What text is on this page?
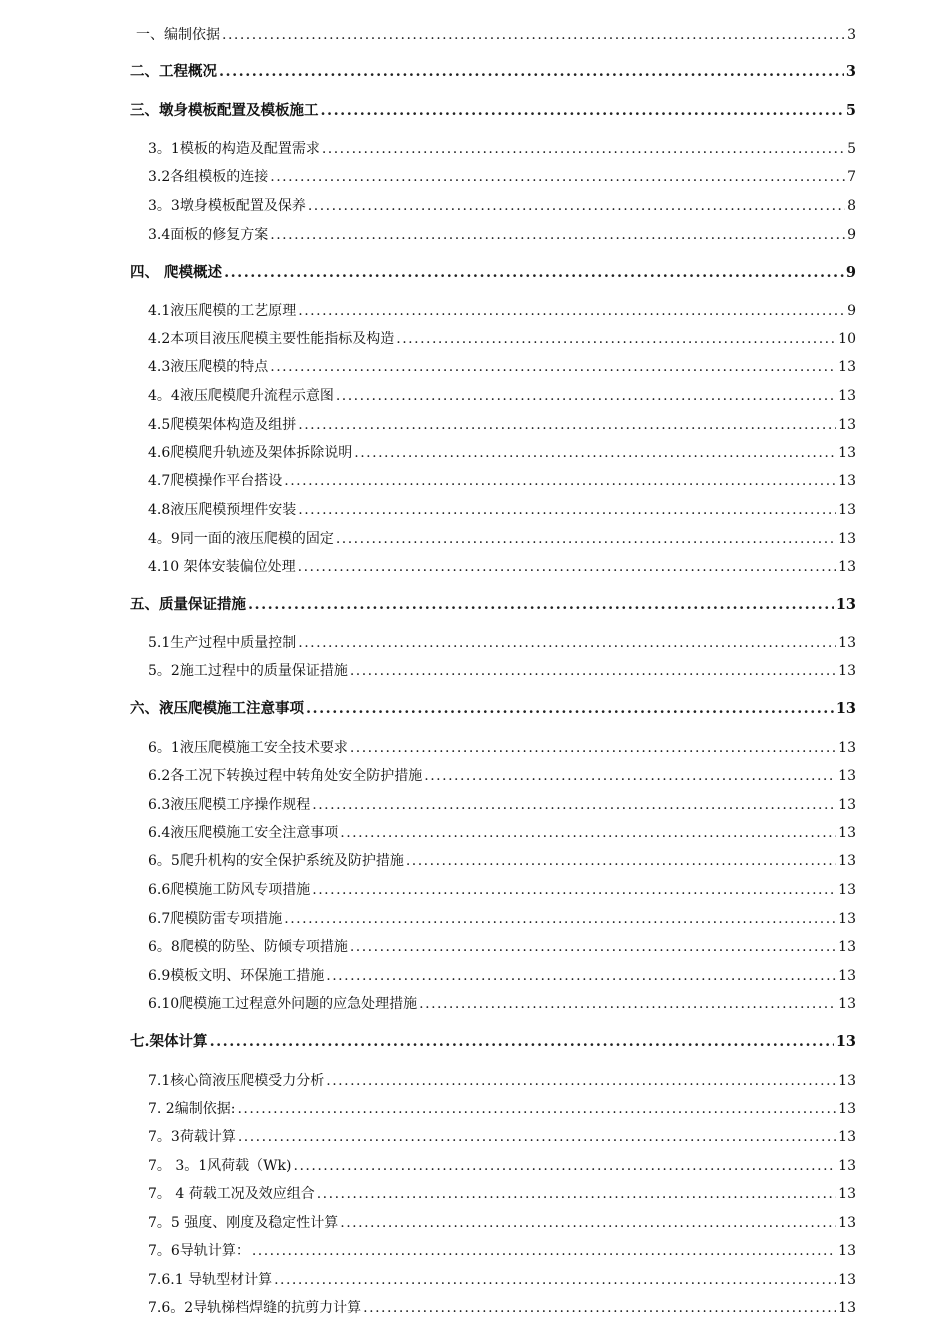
一、编制依据 .....	3
二、工程概况 .....	3
三、墩身模板配置及模板施工 .....	5
3。1模板的构造及配置需求 .....	5
3.2各组模板的连接 .....	7
3。3墩身模板配置及保养 .....	8
3.4面板的修复方案 .....	9
四、 爬模概述 .....	9
4.1液压爬模的工艺原理 .....	9
4.2本项目液压爬模主要性能指标及构造 .....	10
4.3液压爬模的特点 .....	13
4。4液压爬模爬升流程示意图 .....	13
4.5爬模架体构造及组拼 .....	13
4.6爬模爬升轨迹及架体拆除说明 .....	13
4.7爬模操作平台搭设 .....	13
4.8液压爬模预埋件安装 .....	13
4。9同一面的液压爬模的固定 .....	13
4.10 架体安装偏位处理 .....	13
五、质量保证措施 .....	13
5.1生产过程中质量控制 .....	13
5。2施工过程中的质量保证措施 .....	13
六、液压爬模施工注意事项 .....	13
6。1液压爬模施工安全技术要求 .....	13
6.2各工况下转换过程中转角处安全防护措施 .....	13
6.3液压爬模工序操作规程 .....	13
6.4液压爬模施工安全注意事项 .....	13
6。5爬升机构的安全保护系统及防护措施 .....	13
6.6爬模施工防风专项措施 .....	13
6.7爬模防雷专项措施 .....	13
6。8爬模的防坠、防倾专项措施 .....	13
6.9模板文明、环保施工措施 .....	13
6.10爬模施工过程意外问题的应急处理措施 .....	13
七.架体计算 .....	13
7.1核心筒液压爬模受力分析 .....	13
7. 2编制依据: .....	13
7。3荷载计算 .....	13
7。 3。1风荷载（Wk) .....	13
7。 4 荷载工况及效应组合 .....	13
7。5 强度、刚度及稳定性计算 .....	13
7。6导轨计算： .....	13
7.6.1 导轨型材计算 .....	13
7.6。2导轨梯档焊缝的抗剪力计算 .....	13
